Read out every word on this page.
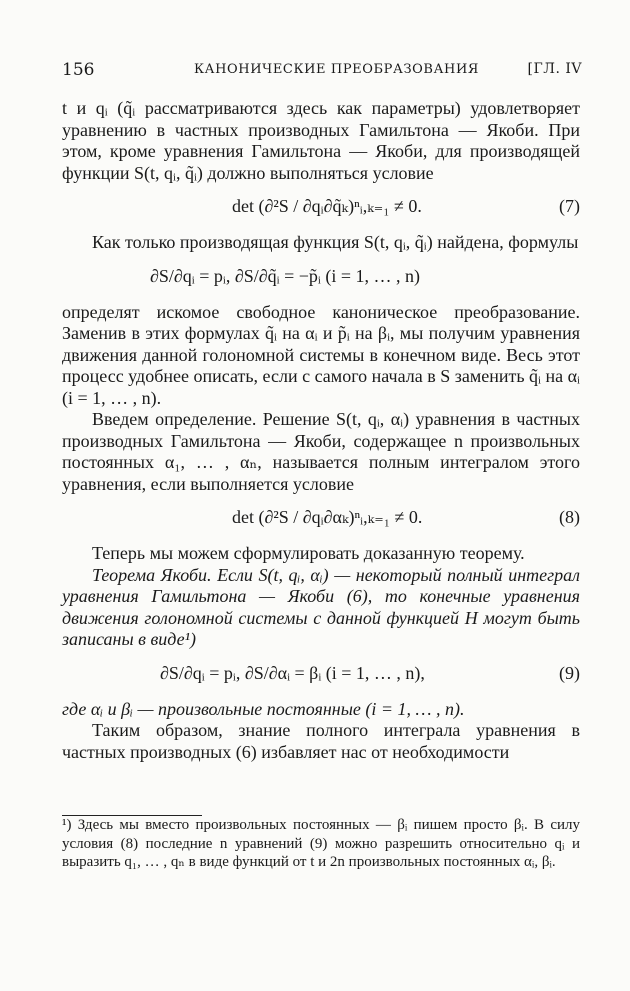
156	КАНОНИЧЕСКИЕ ПРЕОБРАЗОВАНИЯ	[ГЛ. IV

t и qᵢ (q̃ᵢ рассматриваются здесь как параметры) удовлетворяет уравнению в частных производных Гамильтона — Якоби. При этом, кроме уравнения Гамильтона — Якоби, для производящей функции S(t, qᵢ, q̃ᵢ) должно выполняться условие

det (∂²S / ∂qᵢ∂q̃ₖ)ⁿᵢ,ₖ₌₁ ≠ 0.	(7)

Как только производящая функция S(t, qᵢ, q̃ᵢ) найдена, формулы

∂S/∂qᵢ = pᵢ, ∂S/∂q̃ᵢ = −p̃ᵢ (i = 1, … , n)

определят искомое свободное каноническое преобразование. Заменив в этих формулах q̃ᵢ на αᵢ и p̃ᵢ на βᵢ, мы получим уравнения движения данной голономной системы в конечном виде. Весь этот процесс удобнее описать, если с самого начала в S заменить q̃ᵢ на αᵢ (i = 1, … , n).

Введем определение. Решение S(t, qᵢ, αᵢ) уравнения в частных производных Гамильтона — Якоби, содержащее n произвольных постоянных α₁, … , αₙ, называется полным интегралом этого уравнения, если выполняется условие

det (∂²S / ∂qᵢ∂αₖ)ⁿᵢ,ₖ₌₁ ≠ 0.	(8)

Теперь мы можем сформулировать доказанную теорему.

Теорема Якоби. Если S(t, qᵢ, αᵢ) — некоторый полный интеграл уравнения Гамильтона — Якоби (6), то конечные уравнения движения голономной системы с данной функцией H могут быть записаны в виде¹)

∂S/∂qᵢ = pᵢ, ∂S/∂αᵢ = βᵢ (i = 1, … , n),	(9)

где αᵢ и βᵢ — произвольные постоянные (i = 1, … , n).

Таким образом, знание полного интеграла уравнения в частных производных (6) избавляет нас от необходимости

¹) Здесь мы вместо произвольных постоянных — βᵢ пишем просто βᵢ. В силу условия (8) последние n уравнений (9) можно разрешить относительно qᵢ и выразить q₁, … , qₙ в виде функций от t и 2n произвольных постоянных αᵢ, βᵢ.
